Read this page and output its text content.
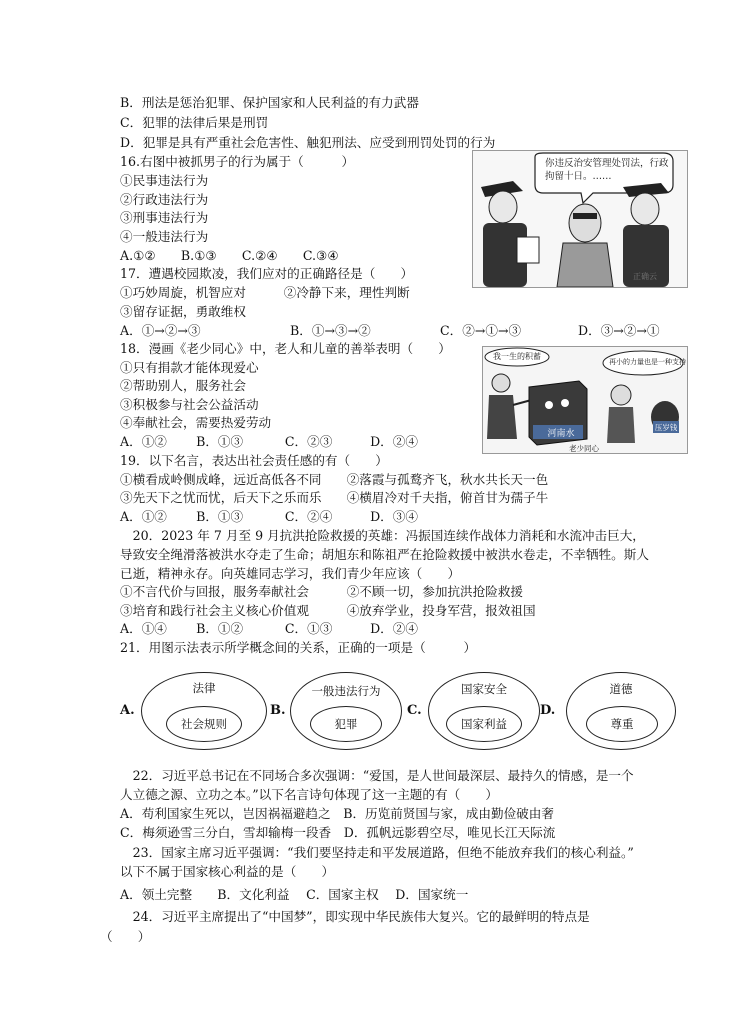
B．刑法是惩治犯罪、保护国家和人民利益的有力武器
C．犯罪的法律后果是刑罚
D．犯罪是具有严重社会危害性、触犯刑法、应受到刑罚处罚的行为
16.右图中被抓男子的行为属于（　　　）
①民事违法行为
②行政违法行为
③刑事违法行为
④一般违法行为
A.①②　　B.①③　　C.②④　　C.③④
17．遭遇校园欺凌，我们应对的正确路径是（　　）
①巧妙周旋，机智应对　　　②冷静下来，理性判断
③留存证据，勇敢维权
A．①→②→③	B．①→③→②	C．②→①→③	D．③→②→①
18．漫画《老少同心》中，老人和儿童的善举表明（　　）
①只有捐款才能体现爱心
②帮助别人，服务社会
③积极参与社会公益活动
④奉献社会，需要热爱劳动
A．①②　　 B．①③　　　 C．②③　　　D．②④
19．以下名言，表达出社会责任感的有（　　）
①横看成岭侧成峰，远近高低各不同　　②落霞与孤鹜齐飞，秋水共长天一色
③先天下之忧而忧，后天下之乐而乐　　④横眉冷对千夫指，俯首甘为孺子牛
A．①②　　 B．①③　　　 C．②④　　　D．③④
　20．2023 年 7 月至 9 月抗洪抢险救援的英雄：冯振国连续作战体力消耗和水流冲击巨大，
导致安全绳滑落被洪水夺走了生命；胡旭东和陈祖严在抢险救援中被洪水卷走，不幸牺牲。斯人
已逝，精神永存。向英雄同志学习，我们青少年应该（　　）
①不言代价与回报，服务奉献社会　　　②不顾一切，参加抗洪抢险救援
③培育和践行社会主义核心价值观　　　④放弃学业，投身军营，报效祖国
A．①④　　 B．①②　　　 C．①③　　　D．②④
21．用图示法表示所学概念间的关系，正确的一项是（　　　）
A.
法律
社会规则
B.
一般违法行为
犯罪
C.
国家安全
国家利益
D.
道德
尊重
　22．习近平总书记在不同场合多次强调：“爱国，是人世间最深层、最持久的情感，是一个
人立德之源、立功之本。”以下名言诗句体现了这一主题的有（　　）
A．苟利国家生死以，岂因祸福避趋之　B．历览前贤国与家，成由勤俭破由奢
C．梅须逊雪三分白，雪却输梅一段香　D．孤帆远影碧空尽，唯见长江天际流
　23．国家主席习近平强调：“我们要坚持走和平发展道路，但绝不能放弃我们的核心利益。”
以下不属于国家核心利益的是（　　）
A．领土完整　　B．文化利益　 C．国家主权　 D．国家统一
　24．习近平主席提出了“中国梦”，即实现中华民族伟大复兴。它的最鲜明的特点是
（　　）
你违反治安管理处罚法，行政拘留十日。……
正确云
我一生的积蓄
再小的力量也是一种支持
河南水
压岁钱
老少同心
